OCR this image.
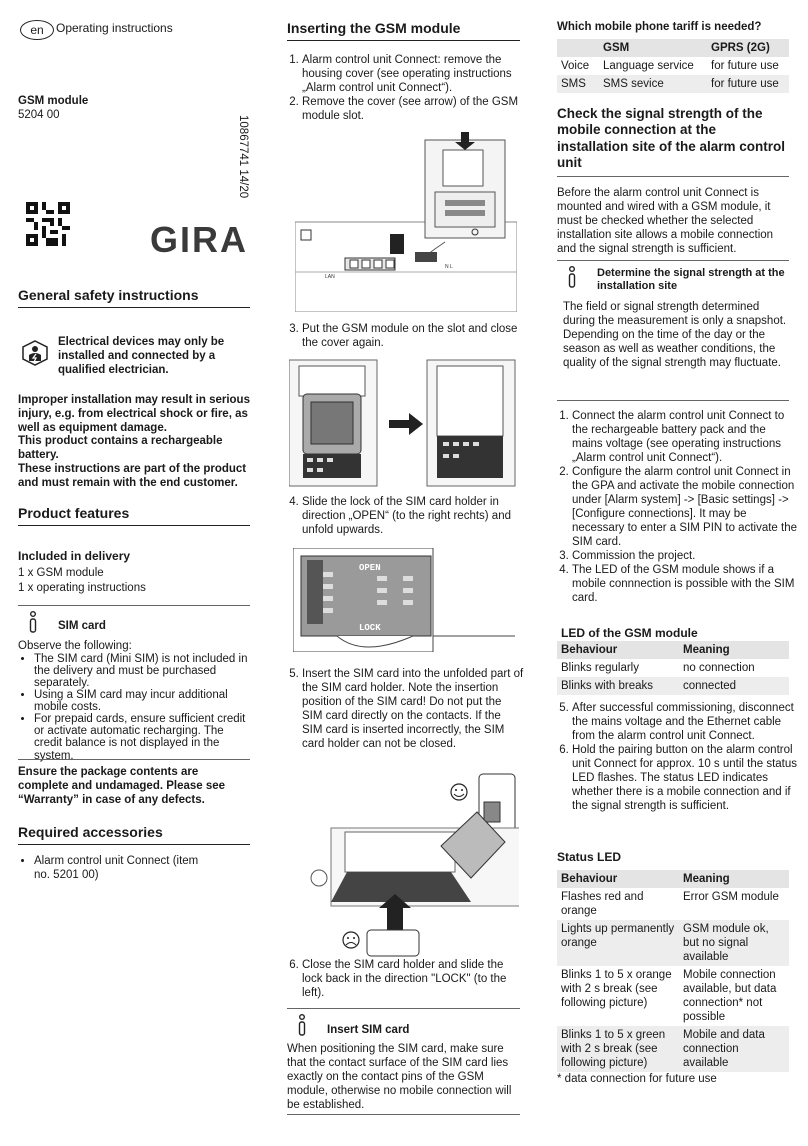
en	Operating instructions
GSM module
5204 00
10867741 14/20
GIRA
General safety instructions
Electrical devices may only be installed and connected by a qualified electrician.

Improper installation may result in serious injury, e.g. from electrical shock or fire, as well as equipment damage.

This product contains a rechargeable battery.

These instructions are part of the product and must remain with the end customer.

Product features
Included in delivery
1 x GSM module
1 x operating instructions
SIM card
Observe the following:
• The SIM card (Mini SIM) is not included in the delivery and must be purchased separately.
• Using a SIM card may incur additional mobile costs.
• For prepaid cards, ensure sufficient credit or activate automatic recharging. The credit balance is not displayed in the system.
Ensure the package contents are complete and undamaged. Please see “Warranty” in case of any defects.
Required accessories
• Alarm control unit Connect (item no. 5201 00)
Inserting the GSM module
1. Alarm control unit Connect: remove the housing cover (see operating instructions „Alarm control unit Connect“).
2. Remove the cover (see arrow) of the GSM module slot.
LAN
N L
3. Put the GSM module on the slot and close the cover again.
4. Slide the lock of the SIM card holder in direction „OPEN“ (to the right rechts) and unfold upwards.
OPEN
LOCK
5. Insert the SIM card into the unfolded part of the SIM card holder. Note the insertion position of the SIM card! Do not put the SIM card directly on the contacts. If the SIM card is inserted incorrectly, the SIM card holder can not be closed.
6. Close the SIM card holder and slide the lock back in the direction "LOCK" (to the left).
Insert SIM card
When positioning the SIM card, make sure that the contact surface of the SIM card lies exactly on the contact pins of the GSM module, otherwise no mobile connection will be established.
Which mobile phone tariff is needed?
	GSM	GPRS (2G)
Voice	Language service	for future use
SMS	SMS sevice	for future use
Check the signal strength of the mobile connection at the installation site of the alarm control unit
Before the alarm control unit Connect is mounted and wired with a GSM module, it must be checked whether the selected installation site allows a mobile connection and the signal strength is sufficient.
Determine the signal strength at the installation site

The field or signal strength determined during the measurement is only a snapshot.

Depending on the time of the day or the season as well as weather conditions, the quality of the signal strength may fluctuate.

1. Connect the alarm control unit Connect to the rechargeable battery pack and the mains voltage (see operating instructions „Alarm control unit Connect“).
2. Configure the alarm control unit Connect in the GPA and activate the mobile connection under [Alarm system] -> [Basic settings] -> [Configure connections]. It may be necessary to enter a SIM PIN to activate the SIM card.
3. Commission the project.
4. The LED of the GSM module shows if a mobile connnection is possible with the SIM card.
LED of the GSM module
Behaviour	Meaning
Blinks regularly	no connection
Blinks with breaks	connected
5. After successful commissioning, disconnect the mains voltage and the Ethernet cable from the alarm control unit Connect.
6. Hold the pairing button on the alarm control unit Connect for approx. 10 s until the status LED flashes. The status LED indicates whether there is a mobile connection and if the signal strength is sufficient.
Status LED
Behaviour	Meaning
Flashes red and orange	Error GSM module
Lights up permanently orange	GSM module ok, but no signal available
Blinks 1 to 5 x orange with 2 s break (see following picture)	Mobile connection available, but data connection* not possible
Blinks 1 to 5 x green with 2 s break (see following picture)	Mobile and data connection available
* data connection for future use
